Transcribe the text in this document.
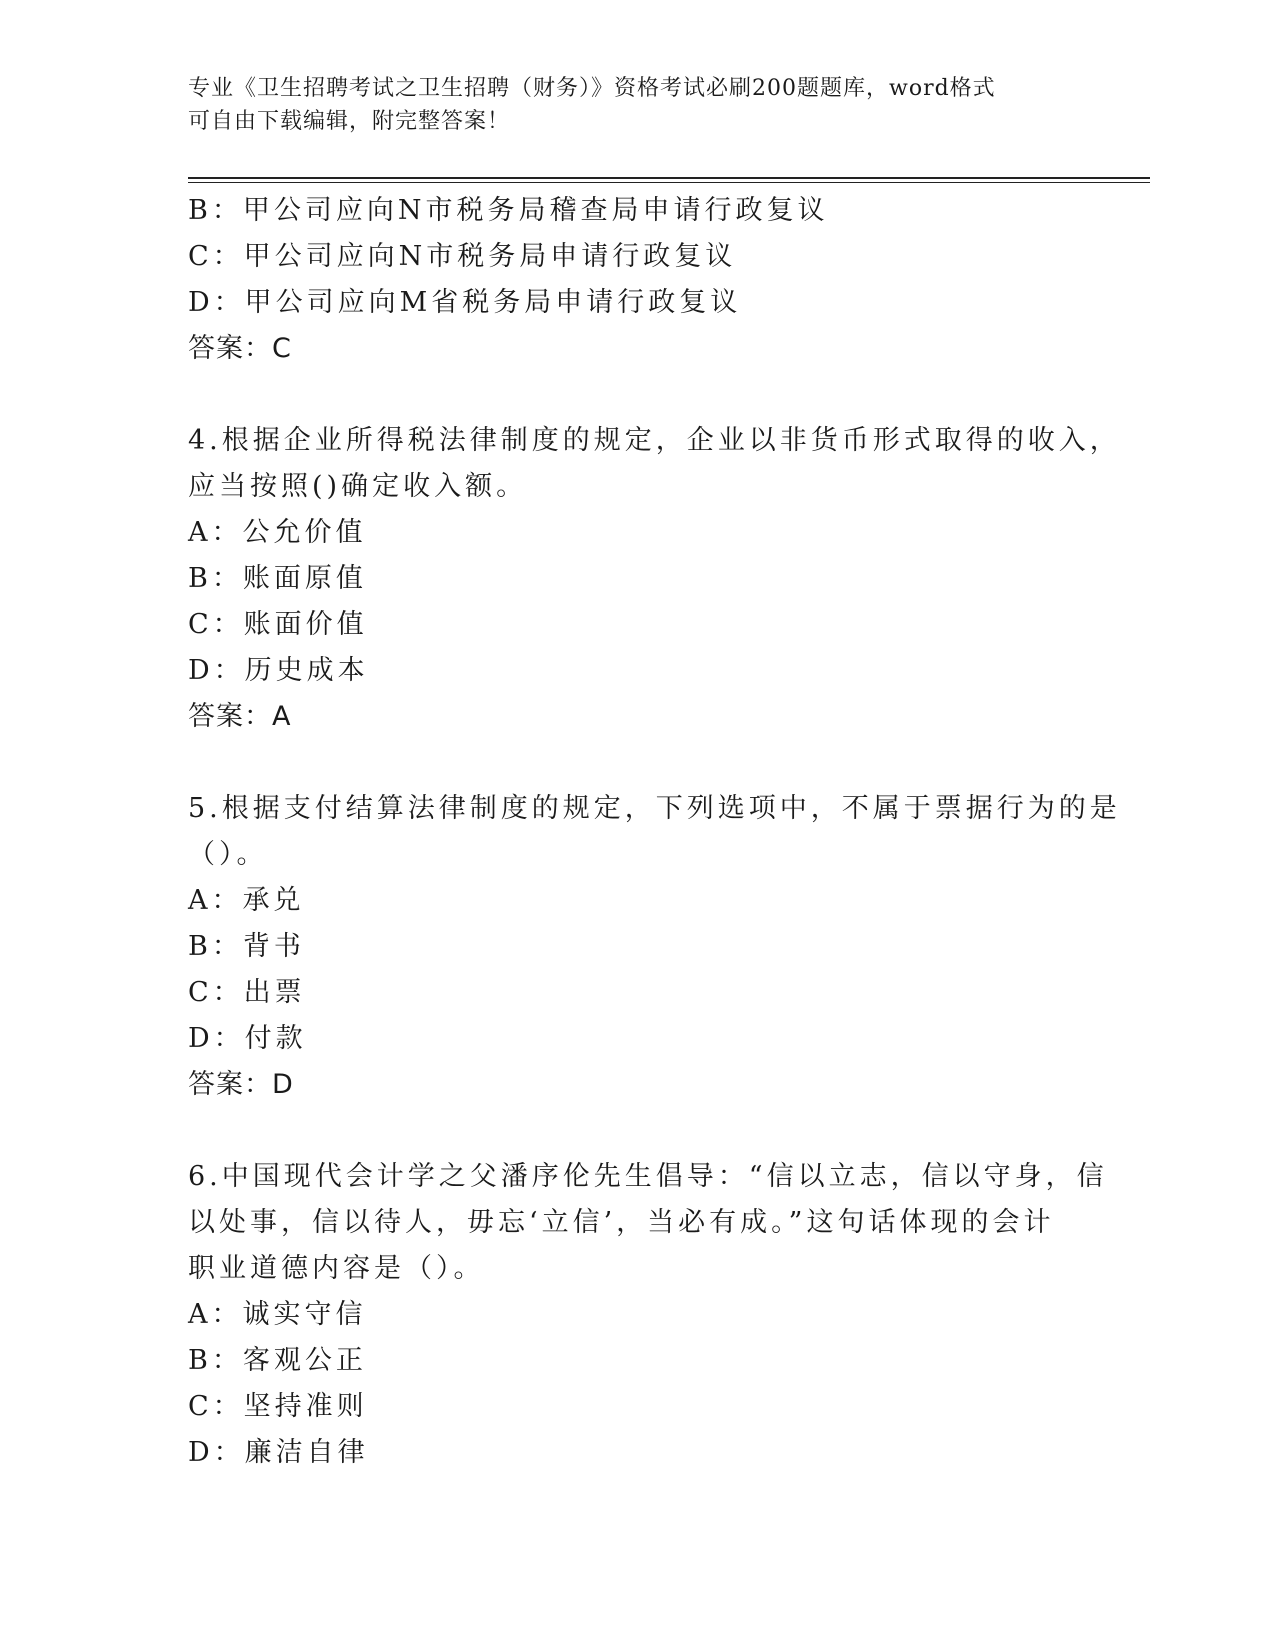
专业《卫生招聘考试之卫生招聘（财务）》资格考试必刷200题题库，word格式
可自由下载编辑，附完整答案！
B：甲公司应向N市税务局稽查局申请行政复议
C：甲公司应向N市税务局申请行政复议
D：甲公司应向M省税务局申请行政复议
答案：C
4.根据企业所得税法律制度的规定，企业以非货币形式取得的收入，
应当按照()确定收入额。
A：公允价值
B：账面原值
C：账面价值
D：历史成本
答案：A
5.根据支付结算法律制度的规定，下列选项中，不属于票据行为的是
（）。
A：承兑
B：背书
C：出票
D：付款
答案：D
6.中国现代会计学之父潘序伦先生倡导：“信以立志，信以守身，信
以处事，信以待人，毋忘‘立信’，当必有成。”这句话体现的会计
职业道德内容是（）。
A：诚实守信
B：客观公正
C：坚持准则
D：廉洁自律
